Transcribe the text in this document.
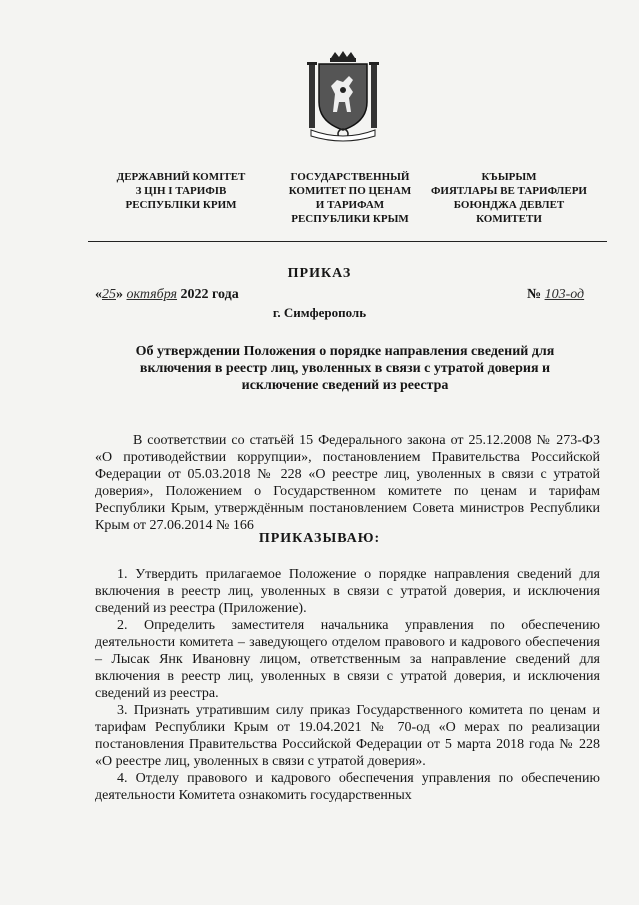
ДЕРЖАВНИЙ КОМІТЕТ
З ЦІН І ТАРИФІВ
РЕСПУБЛІКИ КРИМ
ГОСУДАРСТВЕННЫЙ
КОМИТЕТ ПО ЦЕНАМ
И ТАРИФАМ
РЕСПУБЛИКИ КРЫМ
КЪЫРЫМ
ФИЯТЛАРЫ ВЕ ТАРИФЛЕРИ
БОЮНДЖА ДЕВЛЕТ
КОМИТЕТИ
ПРИКАЗ
«25» октября 2022 года	№ 103-од
г. Симферополь
Об утверждении Положения о порядке направления сведений для включения в реестр лиц, уволенных в связи с утратой доверия и исключение сведений из реестра
В соответствии со статьёй 15 Федерального закона от 25.12.2008 № 273-ФЗ «О противодействии коррупции», постановлением Правительства Российской Федерации от 05.03.2018 № 228 «О реестре лиц, уволенных в связи с утратой доверия», Положением о Государственном комитете по ценам и тарифам Республики Крым, утверждённым постановлением Совета министров Республики Крым от 27.06.2014 № 166
ПРИКАЗЫВАЮ:

1. Утвердить прилагаемое Положение о порядке направления сведений для включения в реестр лиц, уволенных в связи с утратой доверия, и исключения сведений из реестра (Приложение).

2. Определить заместителя начальника управления по обеспечению деятельности комитета – заведующего отделом правового и кадрового обеспечения – Лысак Янк Ивановну лицом, ответственным за направление сведений для включения в реестр лиц, уволенных в связи с утратой доверия, и исключения сведений из реестра.

3. Признать утратившим силу приказ Государственного комитета по ценам и тарифам Республики Крым от 19.04.2021 № 70-од «О мерах по реализации постановления Правительства Российской Федерации от 5 марта 2018 года № 228 «О реестре лиц, уволенных в связи с утратой доверия».

4. Отделу правового и кадрового обеспечения управления по обеспечению деятельности Комитета ознакомить государственных
